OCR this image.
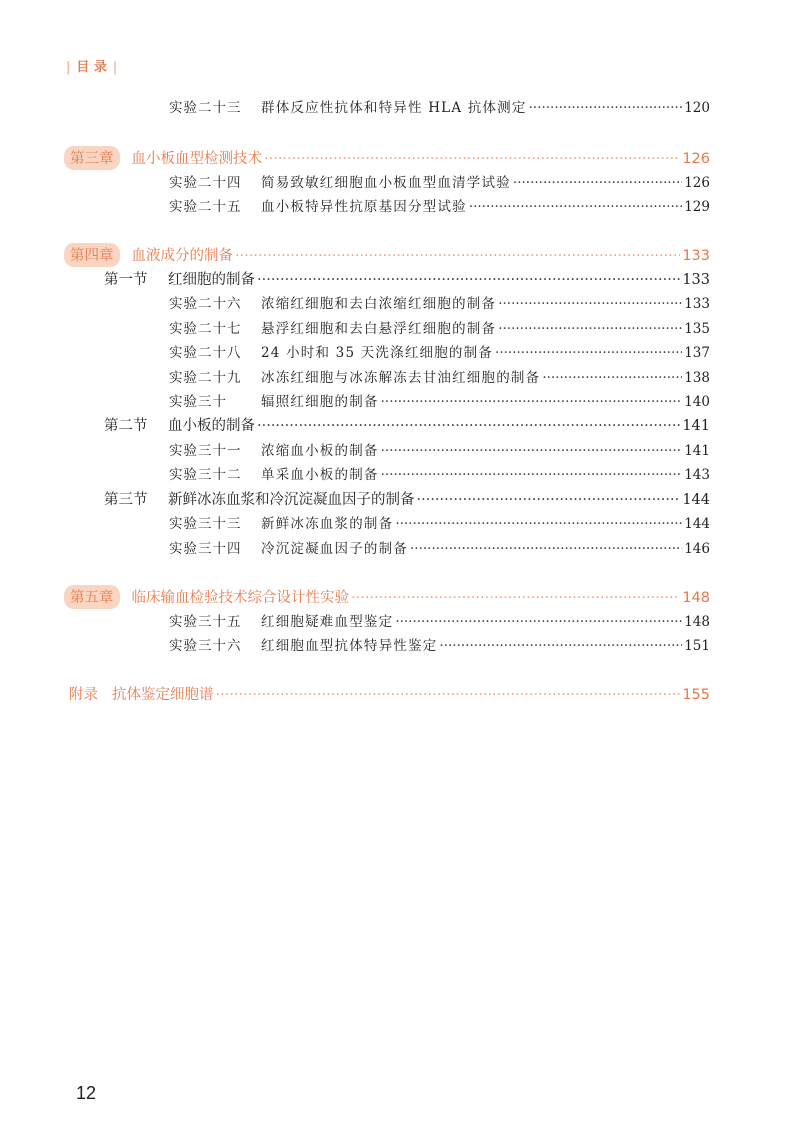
| 目 录 |
实验二十三	群体反应性抗体和特异性 HLA 抗体测定 ·····	120
第三章	血小板血型检测技术 ·····	126
实验二十四	简易致敏红细胞血小板血型血清学试验 ·····	126
实验二十五	血小板特异性抗原基因分型试验 ·····	129
第四章	血液成分的制备 ·····	133
第一节	红细胞的制备 ·····	133
实验二十六	浓缩红细胞和去白浓缩红细胞的制备 ·····	133
实验二十七	悬浮红细胞和去白悬浮红细胞的制备 ·····	135
实验二十八	24 小时和 35 天洗涤红细胞的制备 ·····	137
实验二十九	冰冻红细胞与冰冻解冻去甘油红细胞的制备 ·····	138
实验三十	辐照红细胞的制备 ·····	140
第二节	血小板的制备 ·····	141
实验三十一	浓缩血小板的制备 ·····	141
实验三十二	单采血小板的制备 ·····	143
第三节	新鲜冰冻血浆和冷沉淀凝血因子的制备 ·····	144
实验三十三	新鲜冰冻血浆的制备 ·····	144
实验三十四	冷沉淀凝血因子的制备 ·····	146
第五章	临床输血检验技术综合设计性实验 ·····	148
实验三十五	红细胞疑难血型鉴定 ·····	148
实验三十六	红细胞血型抗体特异性鉴定 ·····	151
附录 抗体鉴定细胞谱 ·····	155
12
